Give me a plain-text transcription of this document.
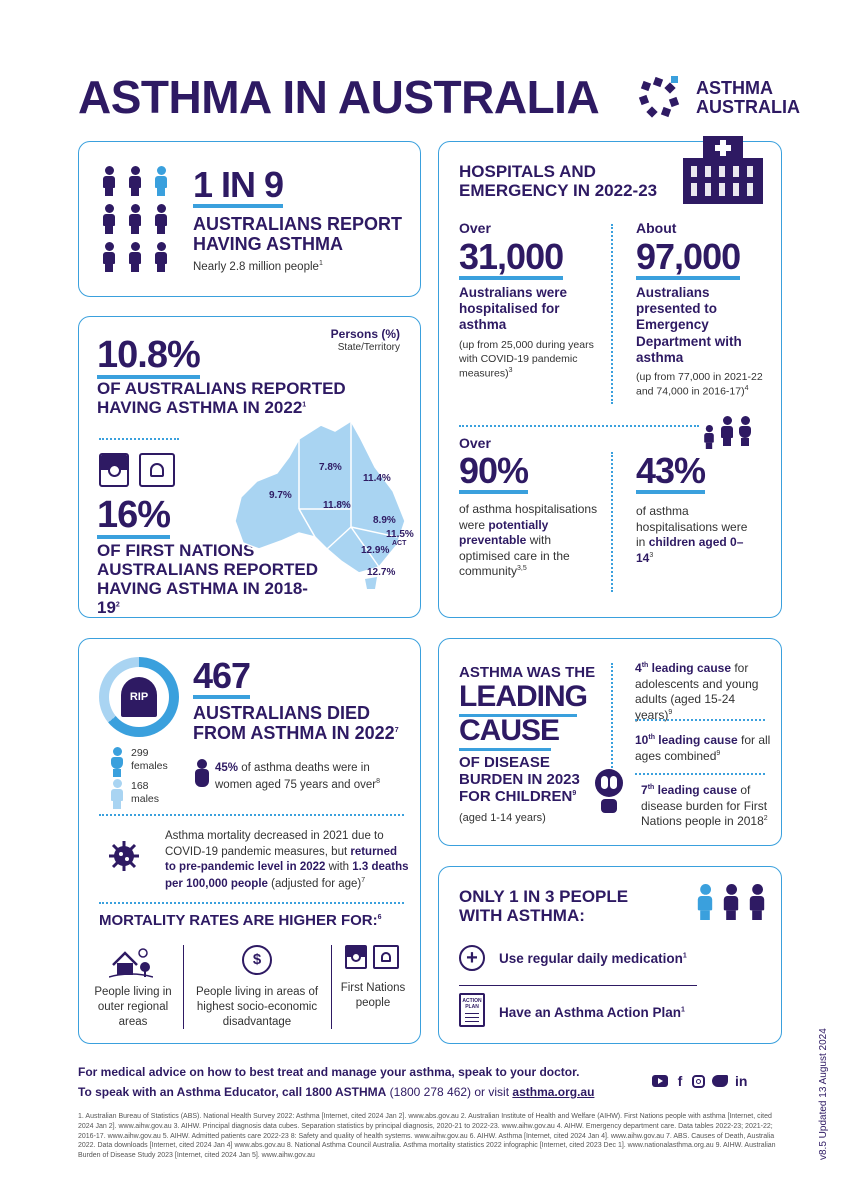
ASTHMA IN AUSTRALIA	ASTHMA
AUSTRALIA
1 IN 9
AUSTRALIANS REPORT HAVING ASTHMA
Nearly 2.8 million people$^1$
Persons (%)
State/Territory
10.8%
OF AUSTRALIANS REPORTED HAVING ASTHMA IN 2022$^1$
16%
OF FIRST NATIONS AUSTRALIANS REPORTED HAVING ASTHMA IN $2018-19^2$
7.8%
11.4%
9.7%
11.8%
8.9%
11.5%
ACT
12.9%
12.7%
HOSPITALS AND EMERGENCY IN 2022-23
Over
31,000
Australians were hospitalised for asthma
(up from 25,000 during years with COVID-19 pandemic measures)$^3$
About
97,000
Australians presented to Emergency Department with asthma
(up from 77,000 in 2021-22 and 74,000 in 2016-17)$^4$
Over
90%
of asthma hospitalisations were potentially preventable with optimised care in the community$^{3,5}$
43%
of asthma hospitalisations were in children aged $0-14^3$
RIP
299
females
168
males
467
AUSTRALIANS DIED FROM ASTHMA IN 2022$^7$
45% of asthma deaths were in women aged 75 years and over$^8$
Asthma mortality decreased in 2021 due to COVID-19 pandemic measures, but returned to pre-pandemic level in 2022 with 1.3 deaths per 100,000 people (adjusted for age)$^7$
MORTALITY RATES ARE HIGHER FOR:$^6$
People living in outer regional areas
$
People living in areas of highest socio-economic disadvantage
First Nations people
ASTHMA WAS THE
LEADING
CAUSE
OF DISEASE BURDEN IN 2023 FOR CHILDREN$^9$
(aged 1-14 years)
4th leading cause for adolescents and young adults (aged 15-24 years)$^9$
10th leading cause for all ages combined$^9$
7th leading cause of disease burden for First Nations people in 2018$^2$
ONLY 1 IN 3 PEOPLE WITH ASTHMA:
+	Use regular daily medication$^1$
ACTION PLAN	Have an Asthma Action Plan$^1$
For medical advice on how to best treat and manage your asthma, speak to your doctor.
To speak with an Asthma Educator, call 1800 ASTHMA (1800 278 462) or visit asthma.org.au
f	in
1. Australian Bureau of Statistics (ABS). National Health Survey 2022: Asthma [Internet, cited 2024 Jan 2]. www.abs.gov.au 2. Australian Institute of Health and Welfare (AIHW). First Nations people with asthma [Internet, cited 2024 Jan 2]. www.aihw.gov.au 3. AIHW. Principal diagnosis data cubes. Separation statistics by principal diagnosis, 2020-21 to 2022-23. www.aihw.gov.au 4. AIHW. Emergency department care. Data tables 2022-23; 2021-22; 2016-17. www.aihw.gov.au 5. AIHW. Admitted patients care 2022-23 8: Safety and quality of health systems. www.aihw.gov.au 6. AIHW. Asthma [Internet, cited 2024 Jan 4]. www.aihw.gov.au 7. ABS. Causes of Death, Australia 2022. Data downloads [Internet, cited 2024 Jan 4] www.abs.gov.au 8. National Asthma Council Australia. Asthma mortality statistics 2022 infographic [Internet, cited 2023 Dec 1]. www.nationalasthma.org.au 9. AIHW. Australian Burden of Disease Study 2023 [Internet, cited 2024 Jan 5]. www.aihw.gov.au	v8.5 Updated 13 August 2024
